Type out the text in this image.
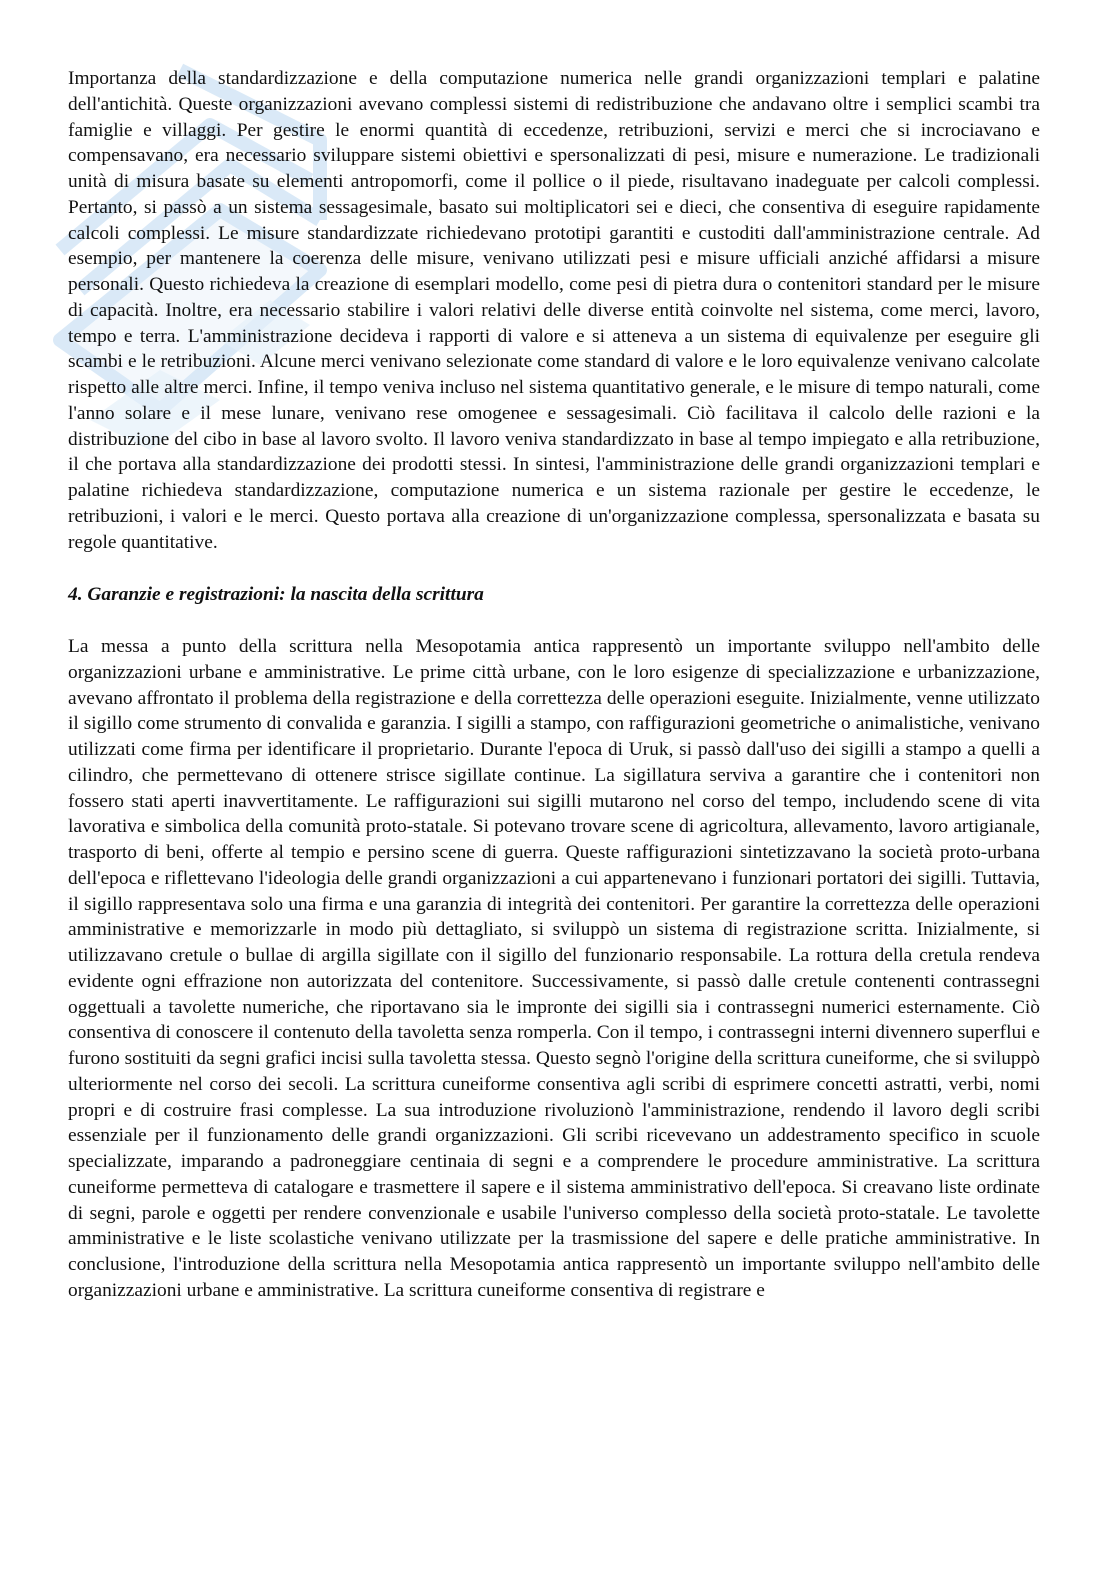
Importanza della standardizzazione e della computazione numerica nelle grandi organizzazioni templari e palatine dell'antichità. Queste organizzazioni avevano complessi sistemi di redistribuzione che andavano oltre i semplici scambi tra famiglie e villaggi. Per gestire le enormi quantità di eccedenze, retribuzioni, servizi e merci che si incrociavano e compensavano, era necessario sviluppare sistemi obiettivi e spersonalizzati di pesi, misure e numerazione. Le tradizionali unità di misura basate su elementi antropomorfi, come il pollice o il piede, risultavano inadeguate per calcoli complessi. Pertanto, si passò a un sistema sessagesimale, basato sui moltiplicatori sei e dieci, che consentiva di eseguire rapidamente calcoli complessi. Le misure standardizzate richiedevano prototipi garantiti e custoditi dall'amministrazione centrale. Ad esempio, per mantenere la coerenza delle misure, venivano utilizzati pesi e misure ufficiali anziché affidarsi a misure personali. Questo richiedeva la creazione di esemplari modello, come pesi di pietra dura o contenitori standard per le misure di capacità. Inoltre, era necessario stabilire i valori relativi delle diverse entità coinvolte nel sistema, come merci, lavoro, tempo e terra. L'amministrazione decideva i rapporti di valore e si atteneva a un sistema di equivalenze per eseguire gli scambi e le retribuzioni. Alcune merci venivano selezionate come standard di valore e le loro equivalenze venivano calcolate rispetto alle altre merci. Infine, il tempo veniva incluso nel sistema quantitativo generale, e le misure di tempo naturali, come l'anno solare e il mese lunare, venivano rese omogenee e sessagesimali. Ciò facilitava il calcolo delle razioni e la distribuzione del cibo in base al lavoro svolto. Il lavoro veniva standardizzato in base al tempo impiegato e alla retribuzione, il che portava alla standardizzazione dei prodotti stessi. In sintesi, l'amministrazione delle grandi organizzazioni templari e palatine richiedeva standardizzazione, computazione numerica e un sistema razionale per gestire le eccedenze, le retribuzioni, i valori e le merci. Questo portava alla creazione di un'organizzazione complessa, spersonalizzata e basata su regole quantitative.

4. Garanzie e registrazioni: la nascita della scrittura

La messa a punto della scrittura nella Mesopotamia antica rappresentò un importante sviluppo nell'ambito delle organizzazioni urbane e amministrative. Le prime città urbane, con le loro esigenze di specializzazione e urbanizzazione, avevano affrontato il problema della registrazione e della correttezza delle operazioni eseguite. Inizialmente, venne utilizzato il sigillo come strumento di convalida e garanzia. I sigilli a stampo, con raffigurazioni geometriche o animalistiche, venivano utilizzati come firma per identificare il proprietario. Durante l'epoca di Uruk, si passò dall'uso dei sigilli a stampo a quelli a cilindro, che permettevano di ottenere strisce sigillate continue. La sigillatura serviva a garantire che i contenitori non fossero stati aperti inavvertitamente. Le raffigurazioni sui sigilli mutarono nel corso del tempo, includendo scene di vita lavorativa e simbolica della comunità proto-statale. Si potevano trovare scene di agricoltura, allevamento, lavoro artigianale, trasporto di beni, offerte al tempio e persino scene di guerra. Queste raffigurazioni sintetizzavano la società proto-urbana dell'epoca e riflettevano l'ideologia delle grandi organizzazioni a cui appartenevano i funzionari portatori dei sigilli. Tuttavia, il sigillo rappresentava solo una firma e una garanzia di integrità dei contenitori. Per garantire la correttezza delle operazioni amministrative e memorizzarle in modo più dettagliato, si sviluppò un sistema di registrazione scritta. Inizialmente, si utilizzavano cretule o bullae di argilla sigillate con il sigillo del funzionario responsabile. La rottura della cretula rendeva evidente ogni effrazione non autorizzata del contenitore. Successivamente, si passò dalle cretule contenenti contrassegni oggettuali a tavolette numeriche, che riportavano sia le impronte dei sigilli sia i contrassegni numerici esternamente. Ciò consentiva di conoscere il contenuto della tavoletta senza romperla. Con il tempo, i contrassegni interni divennero superflui e furono sostituiti da segni grafici incisi sulla tavoletta stessa. Questo segnò l'origine della scrittura cuneiforme, che si sviluppò ulteriormente nel corso dei secoli. La scrittura cuneiforme consentiva agli scribi di esprimere concetti astratti, verbi, nomi propri e di costruire frasi complesse. La sua introduzione rivoluzionò l'amministrazione, rendendo il lavoro degli scribi essenziale per il funzionamento delle grandi organizzazioni. Gli scribi ricevevano un addestramento specifico in scuole specializzate, imparando a padroneggiare centinaia di segni e a comprendere le procedure amministrative. La scrittura cuneiforme permetteva di catalogare e trasmettere il sapere e il sistema amministrativo dell'epoca. Si creavano liste ordinate di segni, parole e oggetti per rendere convenzionale e usabile l'universo complesso della società proto-statale. Le tavolette amministrative e le liste scolastiche venivano utilizzate per la trasmissione del sapere e delle pratiche amministrative. In conclusione, l'introduzione della scrittura nella Mesopotamia antica rappresentò un importante sviluppo nell'ambito delle organizzazioni urbane e amministrative. La scrittura cuneiforme consentiva di registrare e
